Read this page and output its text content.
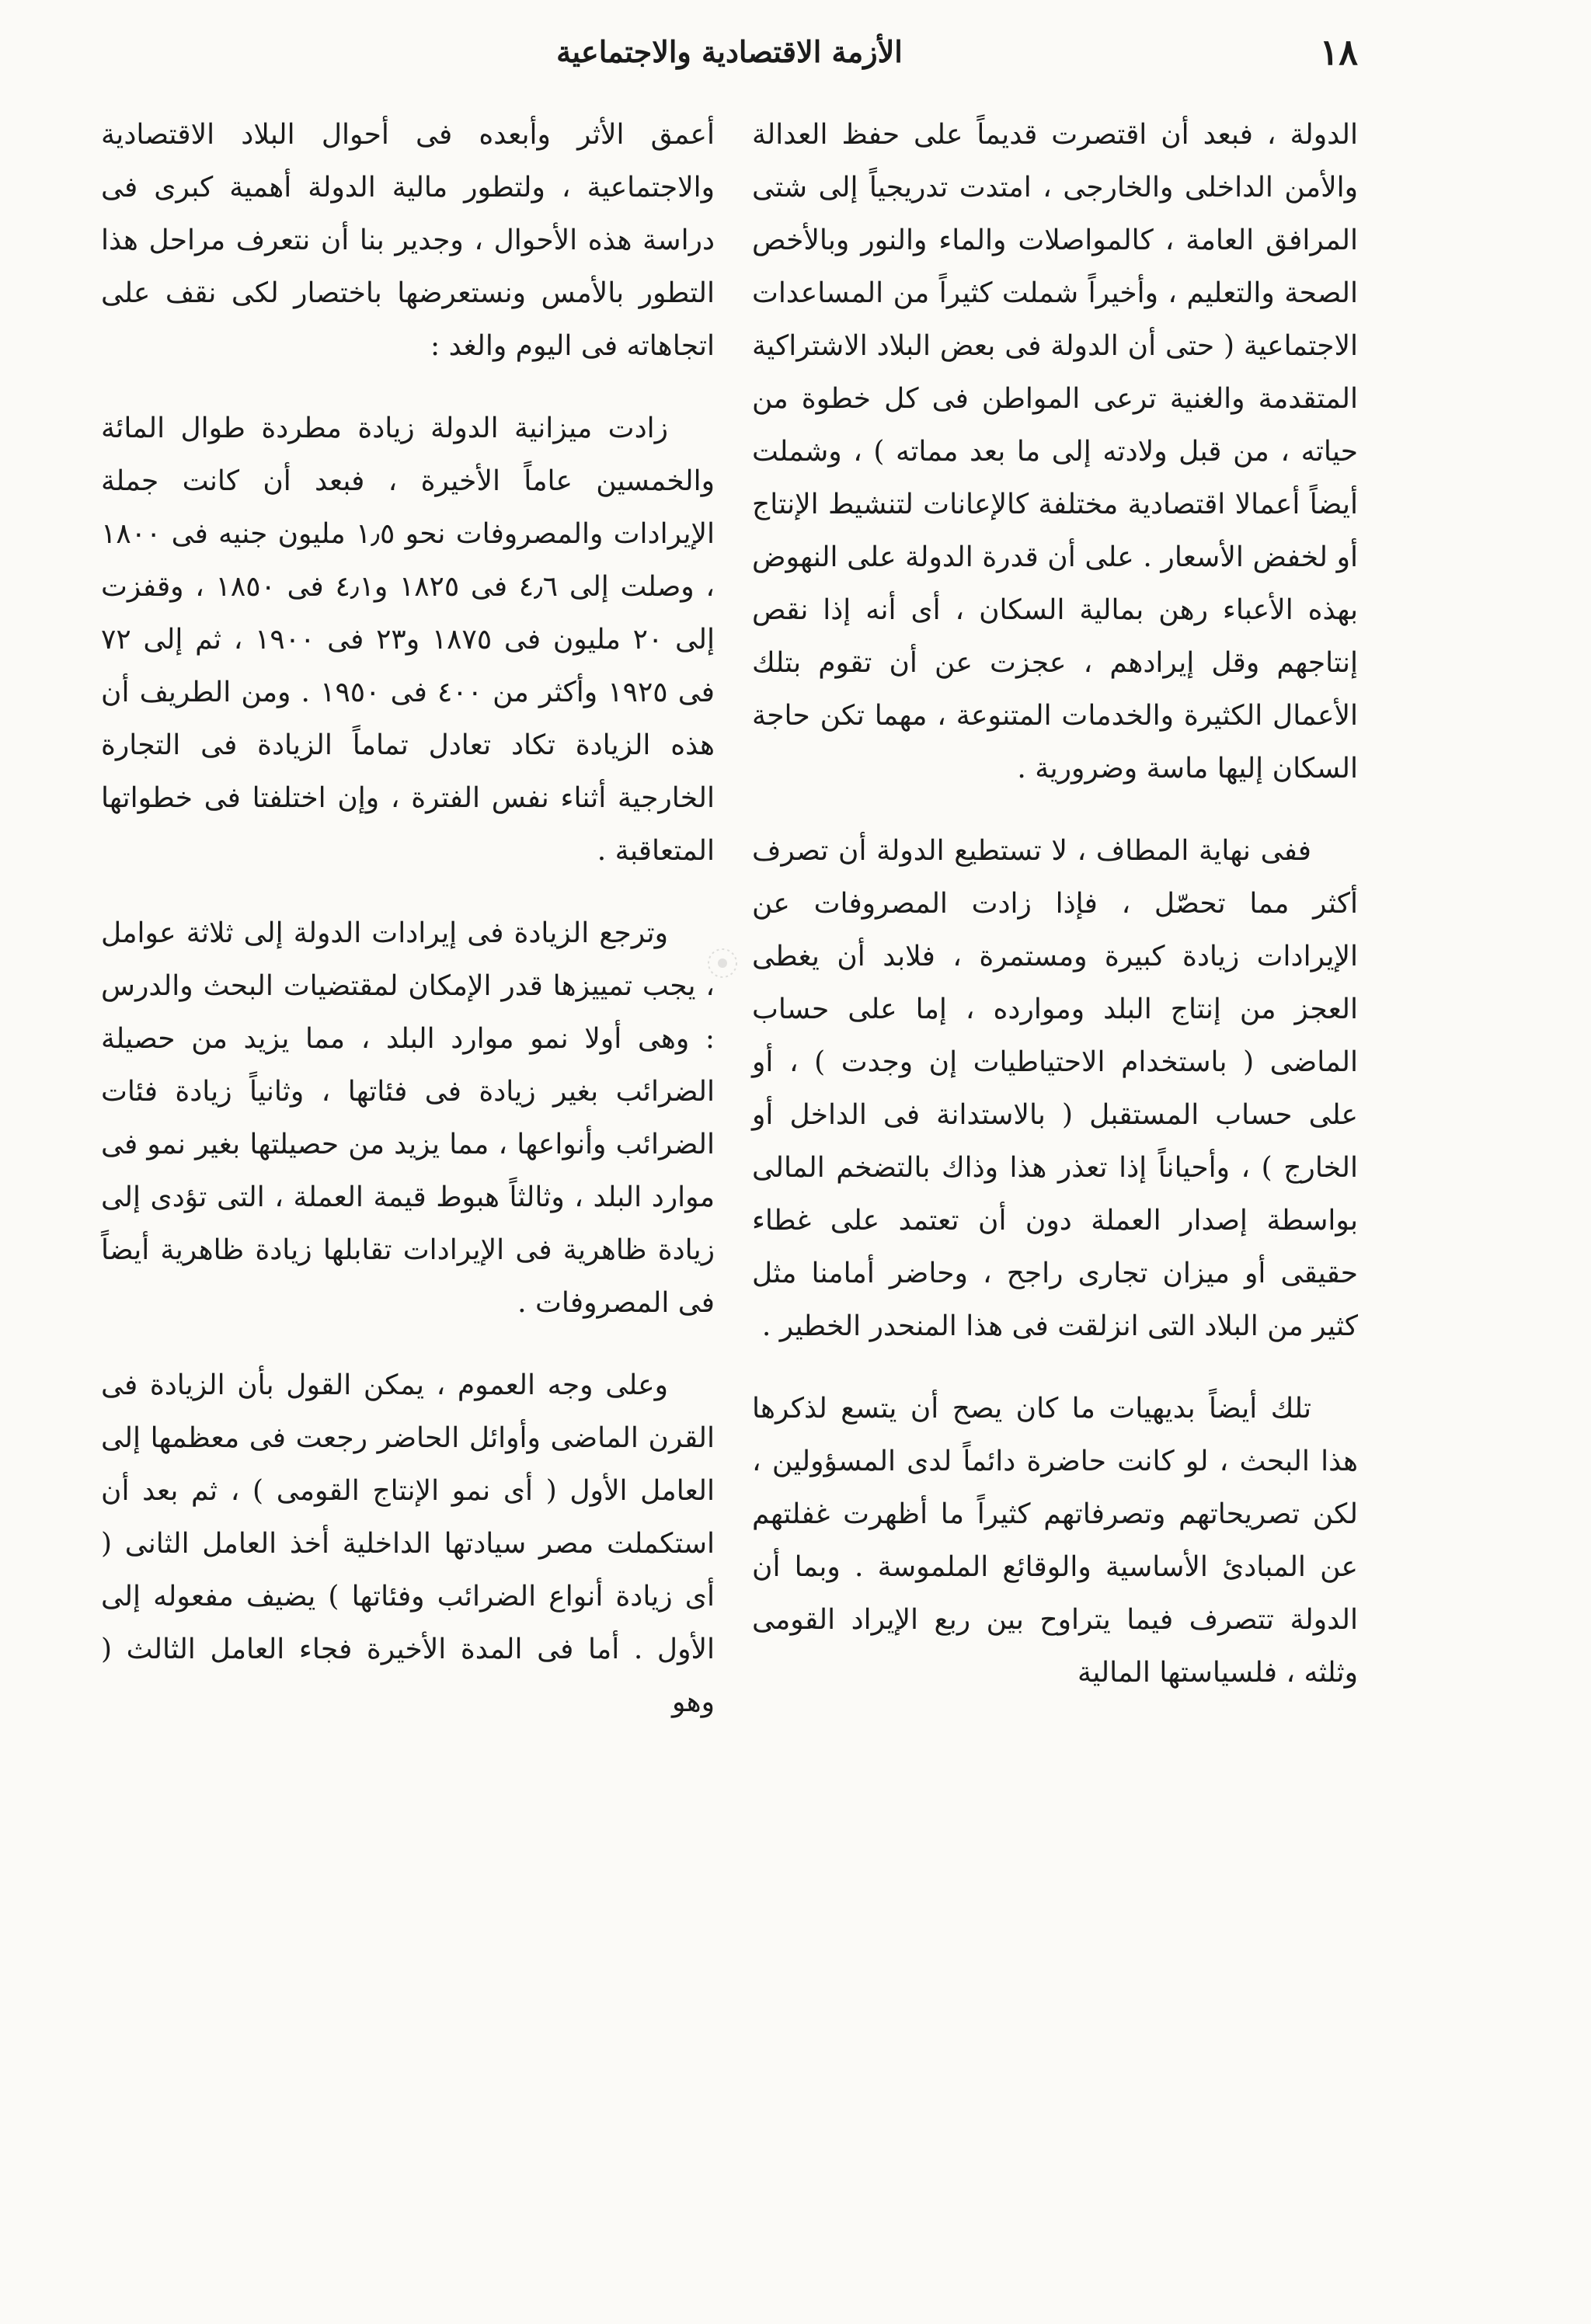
١٨
الأزمة الاقتصادية والاجتماعية

الدولة ، فبعد أن اقتصرت قديماً على حفظ العدالة والأمن الداخلى والخارجى ، امتدت تدريجياً إلى شتى المرافق العامة ، كالمواصلات والماء والنور وبالأخص الصحة والتعليم ، وأخيراً شملت كثيراً من المساعدات الاجتماعية ( حتى أن الدولة فى بعض البلاد الاشتراكية المتقدمة والغنية ترعى المواطن فى كل خطوة من حياته ، من قبل ولادته إلى ما بعد مماته ) ، وشملت أيضاً أعمالا اقتصادية مختلفة كالإعانات لتنشيط الإنتاج أو لخفض الأسعار . على أن قدرة الدولة على النهوض بهذه الأعباء رهن بمالية السكان ، أى أنه إذا نقص إنتاجهم وقل إيرادهم ، عجزت عن أن تقوم بتلك الأعمال الكثيرة والخدمات المتنوعة ، مهما تكن حاجة السكان إليها ماسة وضرورية .

ففى نهاية المطاف ، لا تستطيع الدولة أن تصرف أكثر مما تحصّل ، فإذا زادت المصروفات عن الإيرادات زيادة كبيرة ومستمرة ، فلابد أن يغطى العجز من إنتاج البلد وموارده ، إما على حساب الماضى ( باستخدام الاحتياطيات إن وجدت ) ، أو على حساب المستقبل ( بالاستدانة فى الداخل أو الخارج ) ، وأحياناً إذا تعذر هذا وذاك بالتضخم المالى بواسطة إصدار العملة دون أن تعتمد على غطاء حقيقى أو ميزان تجارى راجح ، وحاضر أمامنا مثل كثير من البلاد التى انزلقت فى هذا المنحدر الخطير .

تلك أيضاً بديهيات ما كان يصح أن يتسع لذكرها هذا البحث ، لو كانت حاضرة دائماً لدى المسؤولين ، لكن تصريحاتهم وتصرفاتهم كثيراً ما أظهرت غفلتهم عن المبادئ الأساسية والوقائع الملموسة . وبما أن الدولة تتصرف فيما يتراوح بين ربع الإيراد القومى وثلثه ، فلسياستها المالية

أعمق الأثر وأبعده فى أحوال البلاد الاقتصادية والاجتماعية ، ولتطور مالية الدولة أهمية كبرى فى دراسة هذه الأحوال ، وجدير بنا أن نتعرف مراحل هذا التطور بالأمس ونستعرضها باختصار لكى نقف على اتجاهاته فى اليوم والغد :

زادت ميزانية الدولة زيادة مطردة طوال المائة والخمسين عاماً الأخيرة ، فبعد أن كانت جملة الإيرادات والمصروفات نحو ١٫٥ مليون جنيه فى ١٨٠٠ ، وصلت إلى ٤٫٦ فى ١٨٢٥ و٤٫١ فى ١٨٥٠ ، وقفزت إلى ٢٠ مليون فى ١٨٧٥ و٢٣ فى ١٩٠٠ ، ثم إلى ٧٢ فى ١٩٢٥ وأكثر من ٤٠٠ فى ١٩٥٠ . ومن الطريف أن هذه الزيادة تكاد تعادل تماماً الزيادة فى التجارة الخارجية أثناء نفس الفترة ، وإن اختلفتا فى خطواتها المتعاقبة .

وترجع الزيادة فى إيرادات الدولة إلى ثلاثة عوامل ، يجب تمييزها قدر الإمكان لمقتضيات البحث والدرس : وهى أولا نمو موارد البلد ، مما يزيد من حصيلة الضرائب بغير زيادة فى فئاتها ، وثانياً زيادة فئات الضرائب وأنواعها ، مما يزيد من حصيلتها بغير نمو فى موارد البلد ، وثالثاً هبوط قيمة العملة ، التى تؤدى إلى زيادة ظاهرية فى الإيرادات تقابلها زيادة ظاهرية أيضاً فى المصروفات .

وعلى وجه العموم ، يمكن القول بأن الزيادة فى القرن الماضى وأوائل الحاضر رجعت فى معظمها إلى العامل الأول ( أى نمو الإنتاج القومى ) ، ثم بعد أن استكملت مصر سيادتها الداخلية أخذ العامل الثانى ( أى زيادة أنواع الضرائب وفئاتها ) يضيف مفعوله إلى الأول . أما فى المدة الأخيرة فجاء العامل الثالث ( وهو
